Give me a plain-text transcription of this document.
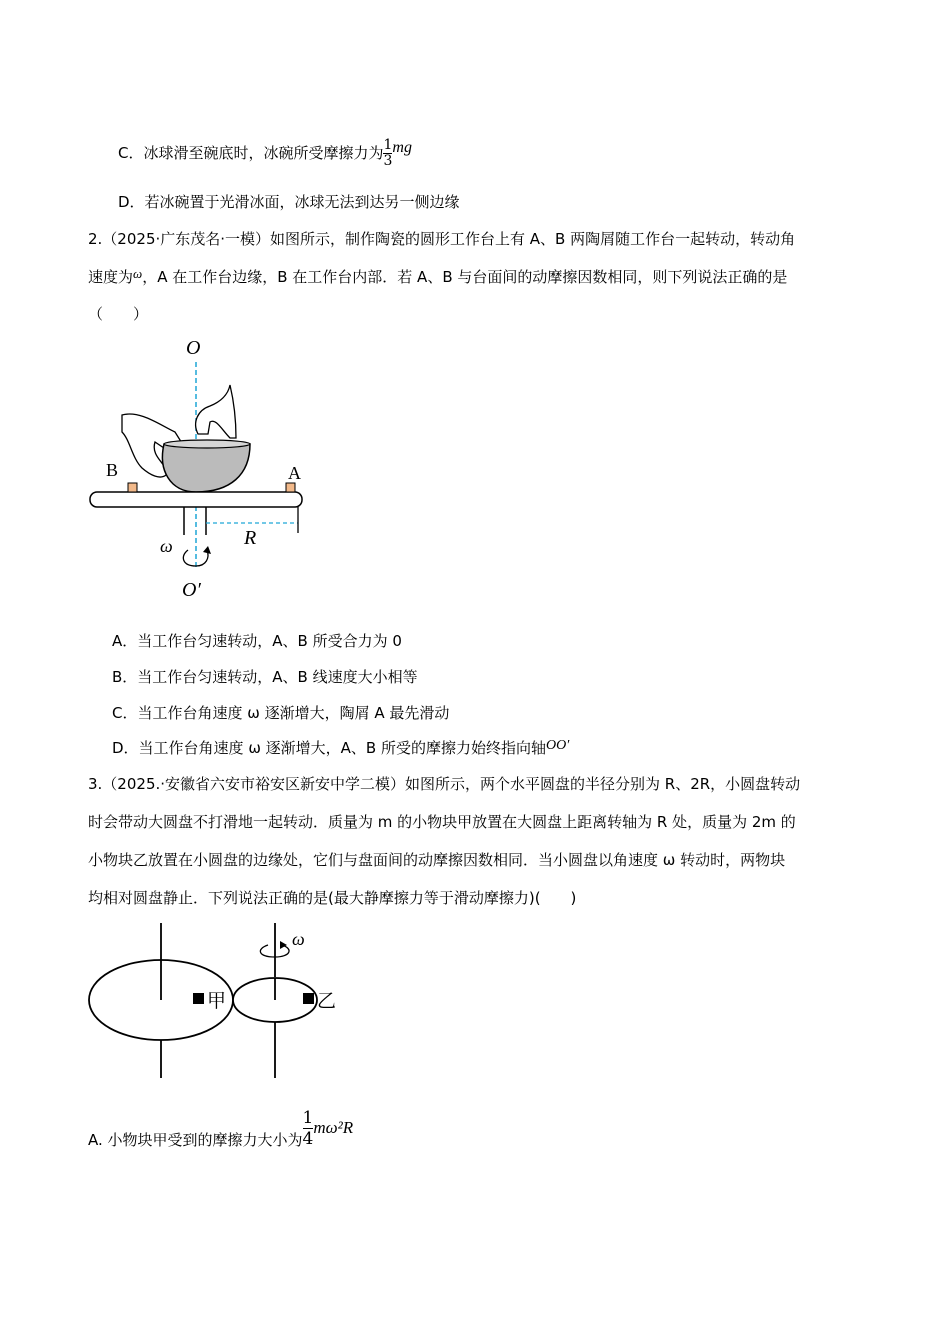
C．冰球滑至碗底时，冰碗所受摩擦力为 $\frac{1}{3}$ mg
D．若冰碗置于光滑冰面，冰球无法到达另一侧边缘
2.（2025·广东茂名·一模）如图所示，制作陶瓷的圆形工作台上有 A、B 两陶屑随工作台一起转动，转动角
速度为ω，A 在工作台边缘，B 在工作台内部．若 A、B 与台面间的动摩擦因数相同，则下列说法正确的是
（　　）
O
B	A
R
ω
O′
A．当工作台匀速转动，A、B 所受合力为 0
B．当工作台匀速转动，A、B 线速度大小相等
C．当工作台角速度 ω 逐渐增大，陶屑 A 最先滑动
D．当工作台角速度 ω 逐渐增大，A、B 所受的摩擦力始终指向轴OO′
3.（2025.·安徽省六安市裕安区新安中学二模）如图所示，两个水平圆盘的半径分别为 R、2R，小圆盘转动
时会带动大圆盘不打滑地一起转动．质量为 m 的小物块甲放置在大圆盘上距离转轴为 R 处，质量为 2m 的
小物块乙放置在小圆盘的边缘处，它们与盘面间的动摩擦因数相同．当小圆盘以角速度 ω 转动时，两物块
均相对圆盘静止．下列说法正确的是(最大静摩擦力等于滑动摩擦力)(　　)
ω
甲	乙
A. 小物块甲受到的摩擦力大小为 $\frac{1}{4} m\omega^2R$
